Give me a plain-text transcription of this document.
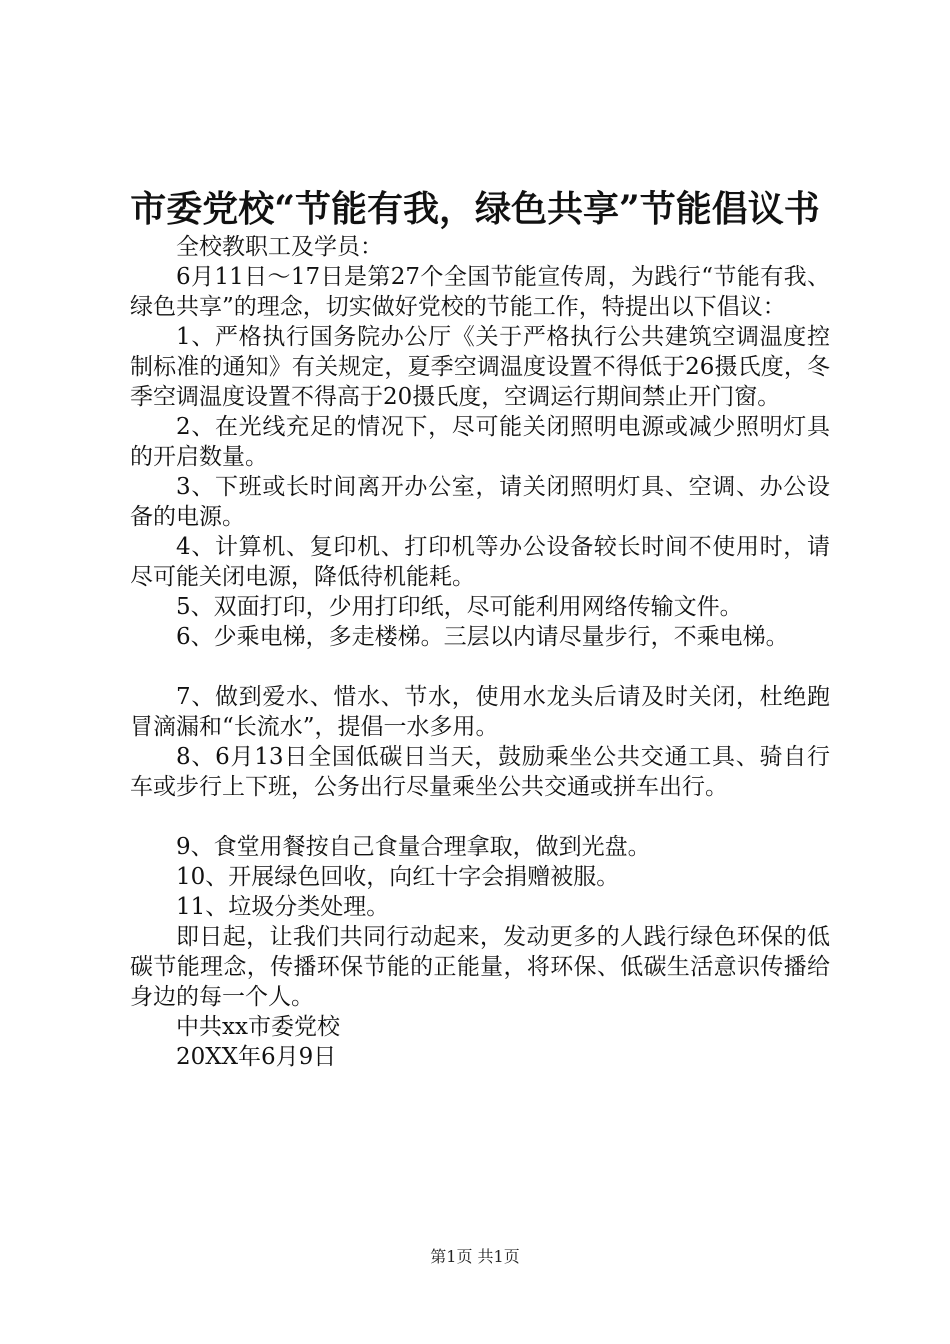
市委党校“节能有我，绿色共享”节能倡议书

全校教职工及学员：

6月11日～17日是第27个全国节能宣传周，为践行“节能有我、绿色共享”的理念，切实做好党校的节能工作，特提出以下倡议：

1、严格执行国务院办公厅《关于严格执行公共建筑空调温度控制标准的通知》有关规定，夏季空调温度设置不得低于26摄氏度，冬季空调温度设置不得高于20摄氏度，空调运行期间禁止开门窗。

2、在光线充足的情况下，尽可能关闭照明电源或减少照明灯具的开启数量。

3、下班或长时间离开办公室，请关闭照明灯具、空调、办公设备的电源。

4、计算机、复印机、打印机等办公设备较长时间不使用时，请尽可能关闭电源，降低待机能耗。

5、双面打印，少用打印纸，尽可能利用网络传输文件。

6、少乘电梯，多走楼梯。三层以内请尽量步行，不乘电梯。

7、做到爱水、惜水、节水，使用水龙头后请及时关闭，杜绝跑冒滴漏和“长流水”，提倡一水多用。

8、6月13日全国低碳日当天，鼓励乘坐公共交通工具、骑自行车或步行上下班，公务出行尽量乘坐公共交通或拼车出行。

9、食堂用餐按自己食量合理拿取，做到光盘。

10、开展绿色回收，向红十字会捐赠被服。

11、垃圾分类处理。

即日起，让我们共同行动起来，发动更多的人践行绿色环保的低碳节能理念，传播环保节能的正能量，将环保、低碳生活意识传播给身边的每一个人。

中共xx市委党校

20XX年6月9日

第1页 共1页
